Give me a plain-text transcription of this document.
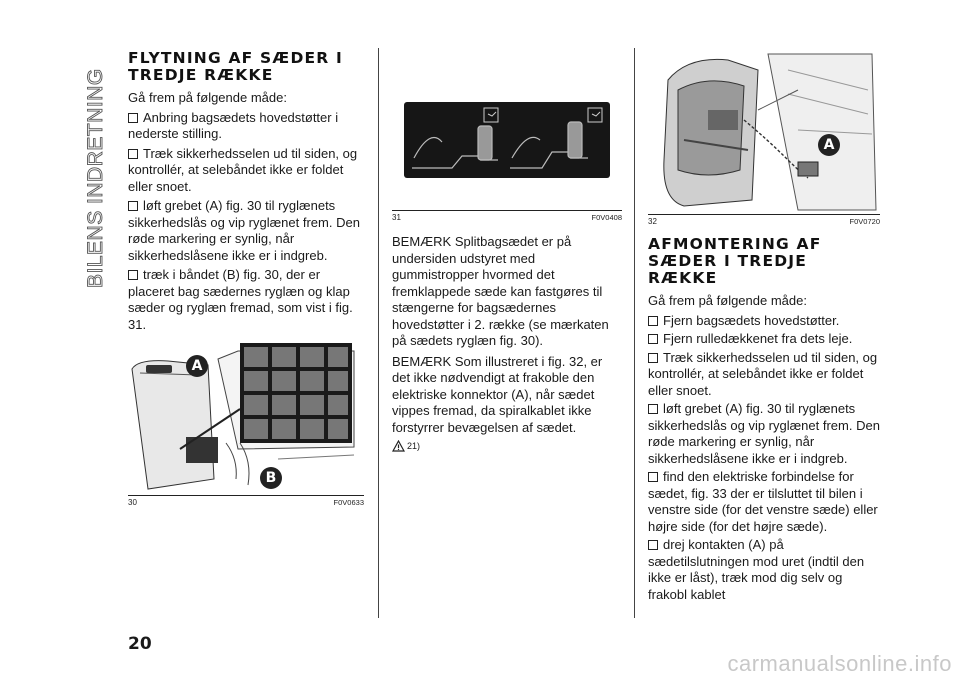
BILENS INDRETNING
FLYTNING AF SÆDER I TREDJE RÆKKE

Gå frem på følgende måde:

Anbring bagsædets hovedstøtter i nederste stilling.

Træk sikkerhedsselen ud til siden, og kontrollér, at selebåndet ikke er foldet eller snoet.

løft grebet (A) fig. 30 til ryglænets sikkerhedslås og vip ryglænet frem. Den røde markering er synlig, når sikkerhedslåsene ikke er i indgreb.

træk i båndet (B) fig. 30, der er placeret bag sædernes ryglæn og klap sæder og ryglæn fremad, som vist i fig. 31.

A
B
30	F0V0633
31	F0V0408

BEMÆRK Splitbagsædet er på undersiden udstyret med gummistropper hvormed det fremklappede sæde kan fastgøres til stængerne for bagsædernes hovedstøtter i 2. række (se mærkaten på sædets ryglæn fig. 30).

BEMÆRK Som illustreret i fig. 32, er det ikke nødvendigt at frakoble den elektriske konnektor (A), når sædet vippes fremad, da spiralkablet ikke forstyrrer bevægelsen af sædet.

21)
A
32	F0V0720
AFMONTERING AF SÆDER I TREDJE RÆKKE

Gå frem på følgende måde:

Fjern bagsædets hovedstøtter.

Fjern rulledækkenet fra dets leje.

Træk sikkerhedsselen ud til siden, og kontrollér, at selebåndet ikke er foldet eller snoet.

løft grebet (A) fig. 30 til ryglænets sikkerhedslås og vip ryglænet frem. Den røde markering er synlig, når sikkerhedslåsene ikke er i indgreb.

find den elektriske forbindelse for sædet, fig. 33 der er tilsluttet til bilen i venstre side (for det venstre sæde) eller højre side (for det højre sæde).

drej kontakten (A) på sædetilslutningen mod uret (indtil den ikke er låst), træk mod dig selv og frakobl kablet

20
carmanualsonline.info
